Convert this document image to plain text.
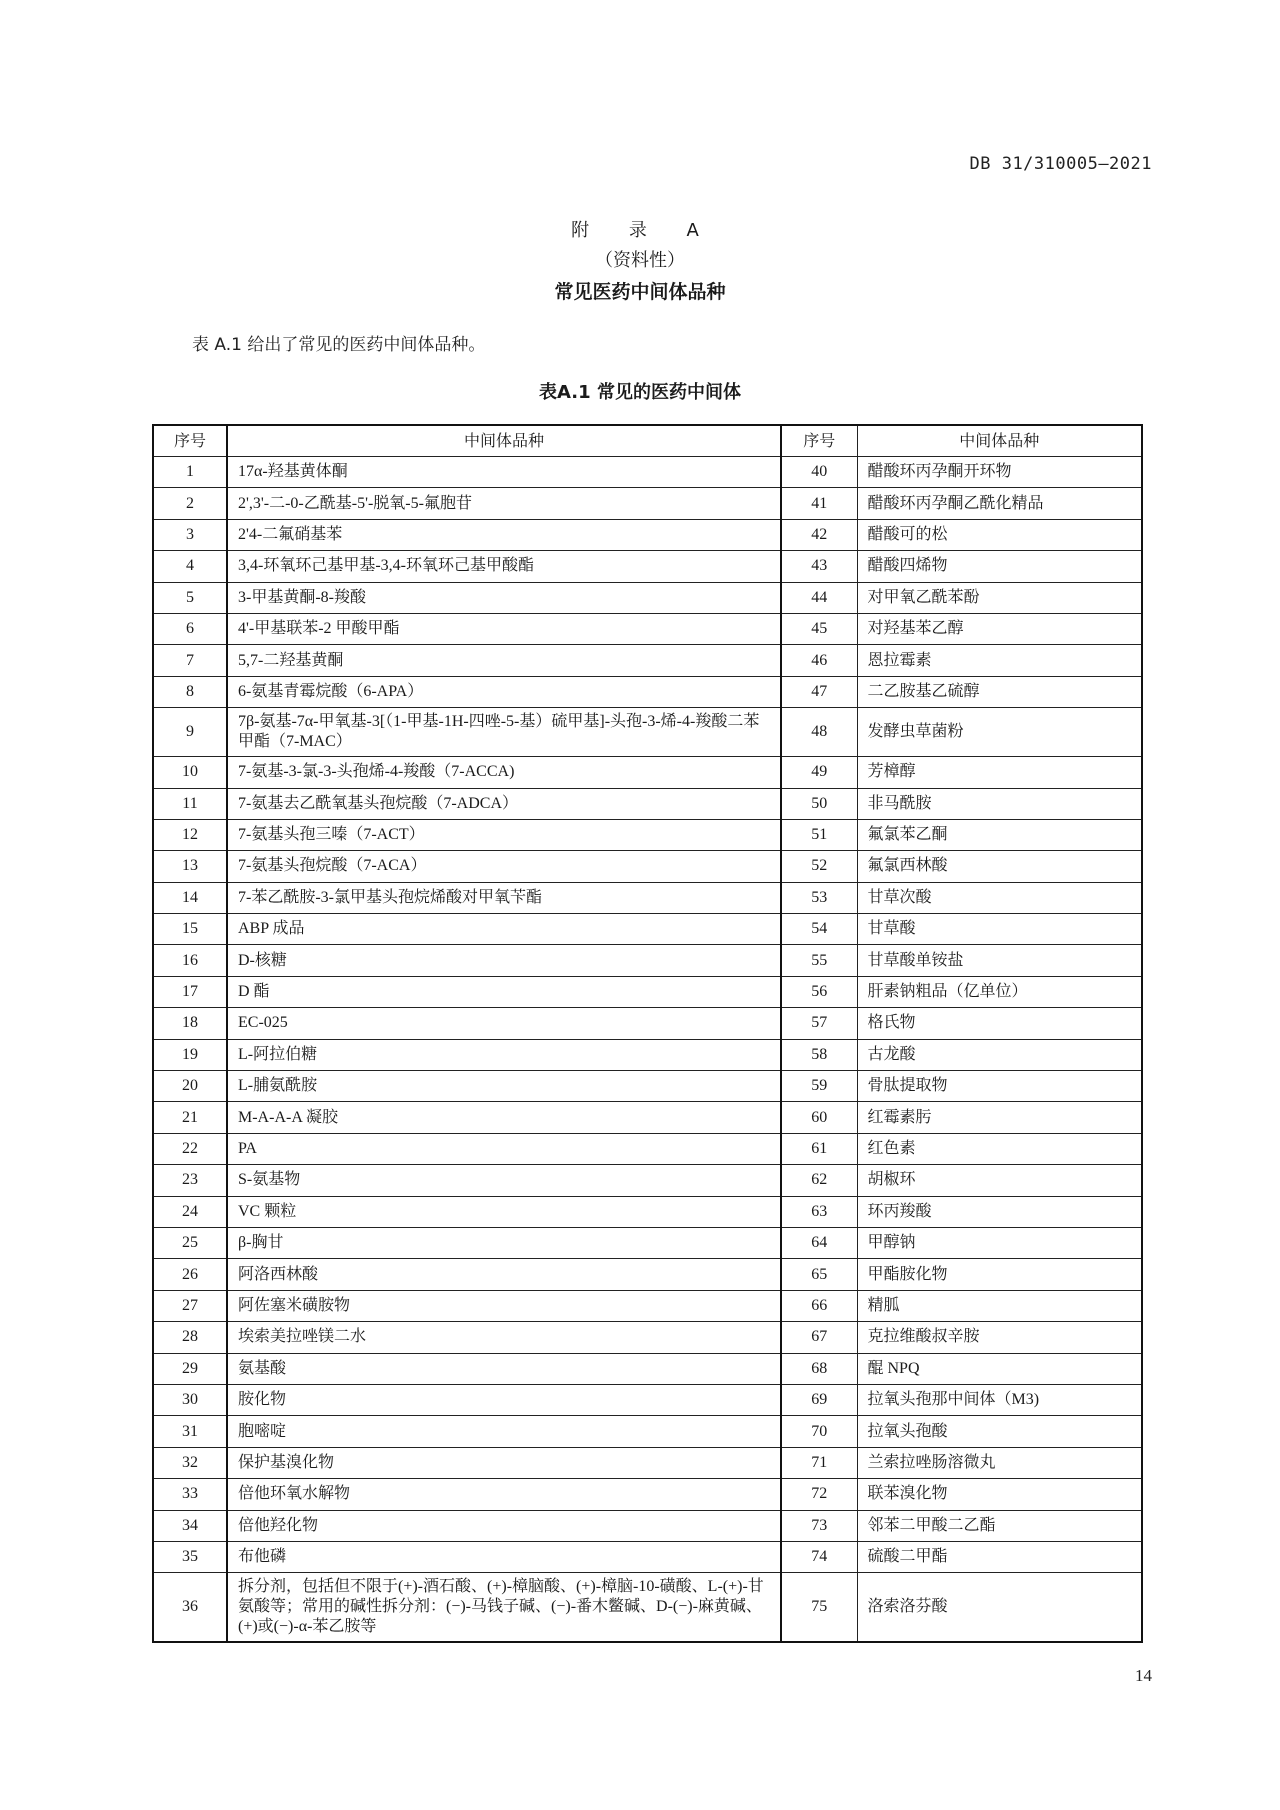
DB 31/310005—2021
附 录 A
（资料性）
常见医药中间体品种
表 A.1 给出了常见的医药中间体品种。
表A.1 常见的医药中间体
序号	中间体品种	序号	中间体品种
1	17α-羟基黄体酮	40	醋酸环丙孕酮开环物
2	2',3'-二-0-乙酰基-5'-脱氧-5-氟胞苷	41	醋酸环丙孕酮乙酰化精品
3	2'4-二氟硝基苯	42	醋酸可的松
4	3,4-环氧环己基甲基-3,4-环氧环己基甲酸酯	43	醋酸四烯物
5	3-甲基黄酮-8-羧酸	44	对甲氧乙酰苯酚
6	4'-甲基联苯-2 甲酸甲酯	45	对羟基苯乙醇
7	5,7-二羟基黄酮	46	恩拉霉素
8	6-氨基青霉烷酸（6-APA）	47	二乙胺基乙硫醇
9	7β-氨基-7α-甲氧基-3[（1-甲基-1H-四唑-5-基）硫甲基]-头孢-3-烯-4-羧酸二苯甲酯（7-MAC）	48	发酵虫草菌粉
10	7-氨基-3-氯-3-头孢烯-4-羧酸（7-ACCA)	49	芳樟醇
11	7-氨基去乙酰氧基头孢烷酸（7-ADCA）	50	非马酰胺
12	7-氨基头孢三嗪（7-ACT）	51	氟氯苯乙酮
13	7-氨基头孢烷酸（7-ACA）	52	氟氯西林酸
14	7-苯乙酰胺-3-氯甲基头孢烷烯酸对甲氧苄酯	53	甘草次酸
15	ABP 成品	54	甘草酸
16	D-核糖	55	甘草酸单铵盐
17	D 酯	56	肝素钠粗品（亿单位）
18	EC-025	57	格氏物
19	L-阿拉伯糖	58	古龙酸
20	L-脯氨酰胺	59	骨肽提取物
21	M-A-A-A 凝胶	60	红霉素肟
22	PA	61	红色素
23	S-氨基物	62	胡椒环
24	VC 颗粒	63	环丙羧酸
25	β-胸甘	64	甲醇钠
26	阿洛西林酸	65	甲酯胺化物
27	阿佐塞米磺胺物	66	精胍
28	埃索美拉唑镁二水	67	克拉维酸叔辛胺
29	氨基酸	68	醌 NPQ
30	胺化物	69	拉氧头孢那中间体（M3)
31	胞嘧啶	70	拉氧头孢酸
32	保护基溴化物	71	兰索拉唑肠溶微丸
33	倍他环氧水解物	72	联苯溴化物
34	倍他羟化物	73	邻苯二甲酸二乙酯
35	布他磷	74	硫酸二甲酯
36	拆分剂，包括但不限于(+)-酒石酸、(+)-樟脑酸、(+)-樟脑-10-磺酸、L-(+)-甘氨酸等；常用的碱性拆分剂：(−)-马钱子碱、(−)-番木鳖碱、D-(−)-麻黄碱、(+)或(−)-α-苯乙胺等	75	洛索洛芬酸
14
